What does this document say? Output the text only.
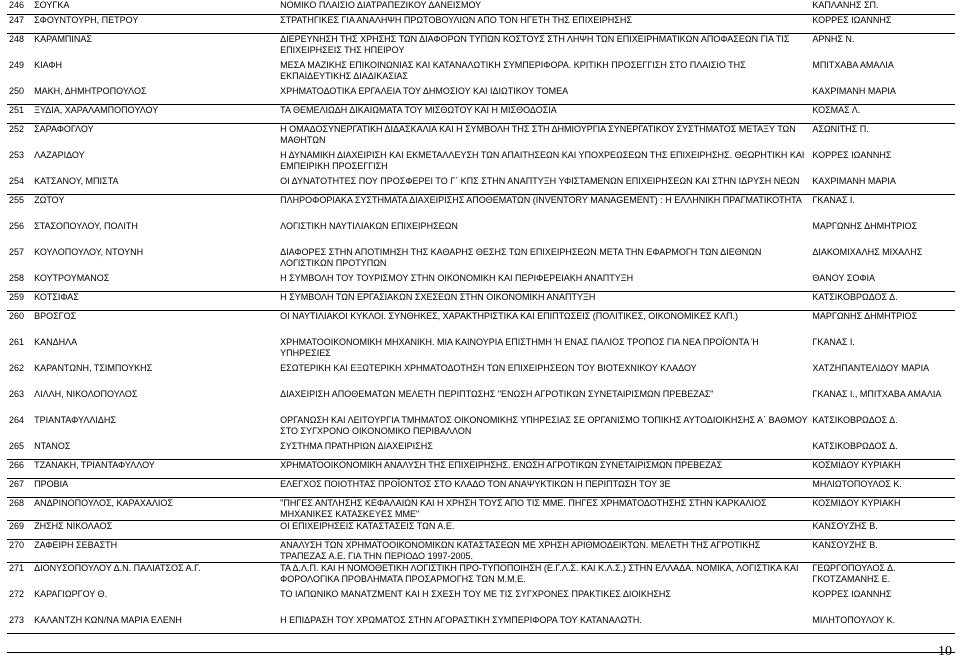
246	ΣΟΥΓΚΑ	ΝΟΜΙΚΟ ΠΛΑΙΣΙΟ ΔΙΑΤΡΑΠΕΖΙΚΟΥ ΔΑΝΕΙΣΜΟΥ	ΚΑΠΛΑΝΗΣ ΣΠ.

247	ΣΦΟΥΝΤΟΥΡΗ, ΠΕΤΡΟΥ	ΣΤΡΑΤΗΓΙΚΕΣ ΓΙΑ ΑΝΑΛΗΨΗ ΠΡΩΤΟΒΟΥΛΙΩΝ ΑΠΟ ΤΟΝ ΗΓΕΤΗ ΤΗΣ ΕΠΙΧΕΙΡΗΣΗΣ	ΚΟΡΡΕΣ ΙΩΑΝΝΗΣ

248	ΚΑΡΑΜΠΙΝΑΣ	ΔΙΕΡΕΥΝΗΣΗ ΤΗΣ ΧΡΗΣΗΣ ΤΩΝ ΔΙΑΦΟΡΩΝ ΤΥΠΩΝ ΚΟΣΤΟΥΣ ΣΤΗ ΛΗΨΗ ΤΩΝ ΕΠΙΧΕΙΡΗΜΑΤΙΚΩΝ ΑΠΟΦΑΣΕΩΝ ΓΙΑ ΤΙΣ ΕΠΙΧΕΙΡΗΣΕΙΣ ΤΗΣ ΗΠΕΙΡΟΥ	ΑΡΝΗΣ Ν.
249	ΚΙΑΦΗ	ΜΕΣΑ ΜΑΖΙΚΗΣ ΕΠΙΚΟΙΝΩΝΙΑΣ ΚΑΙ ΚΑΤΑΝΑΛΩΤΙΚΗ ΣΥΜΠΕΡΙΦΟΡΑ. ΚΡΙΤΙΚΗ ΠΡΟΣΕΓΓΙΣΗ ΣΤΟ ΠΛΑΙΣΙΟ ΤΗΣ ΕΚΠΑΙΔΕΥΤΙΚΗΣ ΔΙΑΔΙΚΑΣΙΑΣ	ΜΠΙΤΧΑΒΑ ΑΜΑΛΙΑ
250	ΜΑΚΗ, ΔΗΜΗΤΡΟΠΟΥΛΟΣ	ΧΡΗΜΑΤΟΔΟΤΙΚΑ ΕΡΓΑΛΕΙΑ ΤΟΥ ΔΗΜΟΣΙΟΥ ΚΑΙ ΙΔΙΩΤΙΚΟΥ ΤΟΜΕΑ	ΚΑΧΡΙΜΑΝΗ ΜΑΡΙΑ

251	ΞΥΔΙΑ, ΧΑΡΑΛΑΜΠΟΠΟΥΛΟΥ	ΤΑ ΘΕΜΕΛΙΩΔΗ ΔΙΚΑΙΩΜΑΤΑ ΤΟΥ ΜΙΣΘΩΤΟΥ ΚΑΙ Η ΜΙΣΘΟΔΟΣΙΑ	ΚΟΣΜΑΣ Λ.

252	ΣΑΡΑΦΟΓΛΟΥ	Η ΟΜΑΔΟΣΥΝΕΡΓΑΤΙΚΗ ΔΙΔΑΣΚΑΛΙΑ ΚΑΙ Η ΣΥΜΒΟΛΗ ΤΗΣ ΣΤΗ ΔΗΜΙΟΥΡΓΙΑ ΣΥΝΕΡΓΑΤΙΚΟΥ ΣΥΣΤΗΜΑΤΟΣ ΜΕΤΑΞΥ ΤΩΝ ΜΑΘΗΤΩΝ	ΑΣΩΝΙΤΗΣ Π.
253	ΛΑΖΑΡΙΔΟΥ	Η ΔΥΝΑΜΙΚΗ ΔΙΑΧΕΙΡΙΣΗ ΚΑΙ ΕΚΜΕΤΑΛΛΕΥΣΗ ΤΩΝ ΑΠΑΙΤΗΣΕΩΝ ΚΑΙ ΥΠΟΧΡΕΩΣΕΩΝ ΤΗΣ ΕΠΙΧΕΙΡΗΣΗΣ. ΘΕΩΡΗΤΙΚΗ ΚΑΙ ΕΜΠΕΙΡΙΚΗ ΠΡΟΣΕΓΓΙΣΗ	ΚΟΡΡΕΣ ΙΩΑΝΝΗΣ
254	ΚΑΤΣΑΝΟΥ, ΜΠΙΣΤΑ	ΟΙ ΔΥΝΑΤΟΤΗΤΕΣ ΠΟΥ ΠΡΟΣΦΕΡΕΙ ΤΟ Γ΄ ΚΠΣ ΣΤΗΝ ΑΝΑΠΤΥΞΗ ΥΦΙΣΤΑΜΕΝΩΝ ΕΠΙΧΕΙΡΗΣΕΩΝ ΚΑΙ ΣΤΗΝ ΙΔΡΥΣΗ ΝΕΩΝ	ΚΑΧΡΙΜΑΝΗ ΜΑΡΙΑ

255	ΖΩΤΟΥ	ΠΛΗΡΟΦΟΡΙΑΚΑ ΣΥΣΤΗΜΑΤΑ ΔΙΑΧΕΙΡΙΣΗΣ ΑΠΟΘΕΜΑΤΩΝ (INVENTORY MANAGEMENT) : Η ΕΛΛΗΝΙΚΗ ΠΡΑΓΜΑΤΙΚΟΤΗΤΑ	ΓΚΑΝΑΣ Ι.
256	ΣΤΑΣΟΠΟΥΛΟΥ, ΠΟΛΙΤΗ	ΛΟΓΙΣΤΙΚΗ ΝΑΥΤΙΛΙΑΚΩΝ ΕΠΙΧΕΙΡΗΣΕΩΝ	ΜΑΡΓΩΝΗΣ ΔΗΜΗΤΡΙΟΣ
257	ΚΟΥΛΟΠΟΥΛΟΥ, ΝΤΟΥΝΗ	ΔΙΑΦΟΡΕΣ ΣΤΗΝ ΑΠΟΤΙΜΗΣΗ ΤΗΣ ΚΑΘΑΡΗΣ ΘΕΣΗΣ ΤΩΝ ΕΠΙΧΕΙΡΗΣΕΩΝ ΜΕΤΑ ΤΗΝ ΕΦΑΡΜΟΓΗ ΤΩΝ ΔΙΕΘΝΩΝ ΛΟΓΙΣΤΙΚΩΝ ΠΡΟΤΥΠΩΝ	ΔΙΑΚΟΜΙΧΑΛΗΣ ΜΙΧΑΛΗΣ
258	ΚΟΥΤΡΟΥΜΑΝΟΣ	Η ΣΥΜΒΟΛΗ ΤΟΥ ΤΟΥΡΙΣΜΟΥ ΣΤΗΝ ΟΙΚΟΝΟΜΙΚΗ ΚΑΙ ΠΕΡΙΦΕΡΕΙΑΚΗ ΑΝΑΠΤΥΞΗ	ΘΑΝΟΥ ΣΟΦΙΑ

259	ΚΟΤΣΙΦΑΣ	Η ΣΥΜΒΟΛΗ ΤΩΝ ΕΡΓΑΣΙΑΚΩΝ ΣΧΕΣΕΩΝ ΣΤΗΝ ΟΙΚΟΝΟΜΙΚΗ ΑΝΑΠΤΥΞΗ	ΚΑΤΣΙΚΟΒΡΩΔΟΣ Δ.

260	ΒΡΟΣΓΟΣ	ΟΙ ΝΑΥΤΙΛΙΑΚΟΙ ΚΥΚΛΟΙ. ΣΥΝΘΗΚΕΣ, ΧΑΡΑΚΤΗΡΙΣΤΙΚΑ ΚΑΙ ΕΠΙΠΤΩΣΕΙΣ (ΠΟΛΙΤΙΚΕΣ, ΟΙΚΟΝΟΜΙΚΕΣ ΚΛΠ.)	ΜΑΡΓΩΝΗΣ ΔΗΜΗΤΡΙΟΣ
261	ΚΑΝΔΗΛΑ	ΧΡΗΜΑΤΟΟΙΚΟΝΟΜΙΚΗ ΜΗΧΑΝΙΚΗ. ΜΙΑ ΚΑΙΝΟΥΡΙΑ ΕΠΙΣΤΗΜΗ Ή ΕΝΑΣ ΠΑΛΙΟΣ ΤΡΟΠΟΣ ΓΙΑ ΝΕΑ ΠΡΟΪΟΝΤΑ Ή ΥΠΗΡΕΣΙΕΣ	ΓΚΑΝΑΣ Ι.
262	ΚΑΡΑΝΤΩΝΗ, ΤΣΙΜΠΟΥΚΗΣ	ΕΣΩΤΕΡΙΚΗ ΚΑΙ ΕΞΩΤΕΡΙΚΗ ΧΡΗΜΑΤΟΔΟΤΗΣΗ ΤΩΝ ΕΠΙΧΕΙΡΗΣΕΩΝ ΤΟΥ ΒΙΟΤΕΧΝΙΚΟΥ ΚΛΑΔΟΥ	ΧΑΤΖΗΠΑΝΤΕΛΙΔΟΥ ΜΑΡΙΑ
263	ΛΙΛΛΗ, ΝΙΚΟΛΟΠΟΥΛΟΣ	ΔΙΑΧΕΙΡΙΣΗ ΑΠΟΘΕΜΑΤΩΝ ΜΕΛΕΤΗ ΠΕΡΙΠΤΩΣΗΣ "ΕΝΩΣΗ ΑΓΡΟΤΙΚΩΝ ΣΥΝΕΤΑΙΡΙΣΜΩΝ ΠΡΕΒΕΖΑΣ"	ΓΚΑΝΑΣ Ι., ΜΠΙΤΧΑΒΑ ΑΜΑΛΙΑ
264	ΤΡΙΑΝΤΑΦΥΛΛΙΔΗΣ	ΟΡΓΑΝΩΣΗ ΚΑΙ ΛΕΙΤΟΥΡΓΙΑ ΤΜΗΜΑΤΟΣ ΟΙΚΟΝΟΜΙΚΗΣ ΥΠΗΡΕΣΙΑΣ ΣΕ ΟΡΓΑΝΙΣΜΟ ΤΟΠΙΚΗΣ ΑΥΤΟΔΙΟΙΚΗΣΗΣ Α΄ ΒΑΘΜΟΥ ΣΤΟ ΣΥΓΧΡΟΝΟ ΟΙΚΟΝΟΜΙΚΟ ΠΕΡΙΒΑΛΛΟΝ	ΚΑΤΣΙΚΟΒΡΩΔΟΣ Δ.
265	ΝΤΑΝΟΣ	ΣΥΣΤΗΜΑ ΠΡΑΤΗΡΙΩΝ ΔΙΑΧΕΙΡΙΣΗΣ	ΚΑΤΣΙΚΟΒΡΩΔΟΣ Δ.

266	ΤΖΑΝΑΚΗ, ΤΡΙΑΝΤΑΦΥΛΛΟΥ	ΧΡΗΜΑΤΟΟΙΚΟΝΟΜΙΚΗ ΑΝΑΛΥΣΗ ΤΗΣ ΕΠΙΧΕΙΡΗΣΗΣ. ΕΝΩΣΗ ΑΓΡΟΤΙΚΩΝ ΣΥΝΕΤΑΙΡΙΣΜΩΝ ΠΡΕΒΕΖΑΣ	ΚΟΣΜΙΔΟΥ ΚΥΡΙΑΚΗ

267	ΠΡΟΒΙΑ	ΕΛΕΓΧΟΣ ΠΟΙΟΤΗΤΑΣ ΠΡΟΪΟΝΤΟΣ ΣΤΟ ΚΛΑΔΟ ΤΟΝ ΑΝΑΨΥΚΤΙΚΩΝ Η ΠΕΡΙΠΤΩΣΗ ΤΟΥ 3Ε	ΜΗΛΙΩΤΟΠΟΥΛΟΣ Κ.

268	ΑΝΔΡΙΝΟΠΟΥΛΟΣ, ΚΑΡΑΧΑΛΙΟΣ	"ΠΗΓΕΣ ΑΝΤΛΗΣΗΣ ΚΕΦΑΛΑΙΩΝ ΚΑΙ Η ΧΡΗΣΗ ΤΟΥΣ ΑΠΟ ΤΙΣ ΜΜΕ. ΠΗΓΕΣ ΧΡΗΜΑΤΟΔΟΤΗΣΗΣ ΣΤΗΝ ΚΑΡΚΑΛΙΟΣ ΜΗΧΑΝΙΚΕΣ ΚΑΤΑΣΚΕΥΕΣ ΜΜΕ"	ΚΟΣΜΙΔΟΥ ΚΥΡΙΑΚΗ

269	ΖΗΣΗΣ ΝΙΚΟΛΑΟΣ	ΟΙ ΕΠΙΧΕΙΡΗΣΕΙΣ ΚΑΤΑΣΤΑΣΕΙΣ ΤΩΝ Α.Ε.	ΚΑΝΣΟΥΖΗΣ Β.

270	ΖΑΦΕΙΡΗ ΣΕΒΑΣΤΗ	ΑΝΑΛΥΣΗ ΤΩΝ ΧΡΗΜΑΤΟΟΙΚΟΝΟΜΙΚΩΝ ΚΑΤΑΣΤΑΣΕΩΝ ΜΕ ΧΡΗΣΗ ΑΡΙΘΜΟΔΕΙΚΤΩΝ. ΜΕΛΕΤΗ ΤΗΣ ΑΓΡΟΤΙΚΗΣ ΤΡΑΠΕΖΑΣ Α.Ε. ΓΙΑ ΤΗΝ ΠΕΡΙΟΔΟ 1997-2005.	ΚΑΝΣΟΥΖΗΣ Β.

271	ΔΙΟΝΥΣΟΠΟΥΛΟΥ Δ.Ν. ΠΑΛΙΑΤΣΟΣ Α.Γ.	ΤΑ Δ.Λ.Π. ΚΑΙ Η ΝΟΜΟΘΕΤΙΚΗ ΛΟΓΙΣΤΙΚΗ ΠΡΟ-ΤΥΠΟΠΟΙΗΣΗ (Ε.Γ.Λ.Σ. ΚΑΙ Κ.Λ.Σ.) ΣΤΗΝ ΕΛΛΑΔΑ. ΝΟΜΙΚΑ, ΛΟΓΙΣΤΙΚΑ ΚΑΙ ΦΟΡΟΛΟΓΙΚΑ ΠΡΟΒΛΗΜΑΤΑ ΠΡΟΣΑΡΜΟΓΗΣ ΤΩΝ Μ.Μ.Ε.	ΓΕΩΡΓΟΠΟΥΛΟΣ Δ. ΓΚΟΤΖΑΜΑΝΗΣ Ε.
272	ΚΑΡΑΓΙΩΡΓΟΥ Θ.	ΤΟ ΙΑΠΩΝΙΚΟ ΜΑΝΑΤΖΜΕΝΤ ΚΑΙ Η ΣΧΕΣΗ ΤΟΥ ΜΕ ΤΙΣ ΣΥΓΧΡΟΝΕΣ ΠΡΑΚΤΙΚΕΣ ΔΙΟΙΚΗΣΗΣ	ΚΟΡΡΕΣ ΙΩΑΝΝΗΣ
273	ΚΑΛΑΝΤΖΗ ΚΩΝ/ΝΑ ΜΑΡΙΑ ΕΛΕΝΗ	Η ΕΠΙΔΡΑΣΗ ΤΟΥ ΧΡΩΜΑΤΟΣ ΣΤΗΝ ΑΓΟΡΑΣΤΙΚΗ ΣΥΜΠΕΡΙΦΟΡΑ ΤΟΥ ΚΑΤΑΝΑΛΩΤΗ.	ΜΙΛΗΤΟΠΟΥΛΟΥ Κ.

10
